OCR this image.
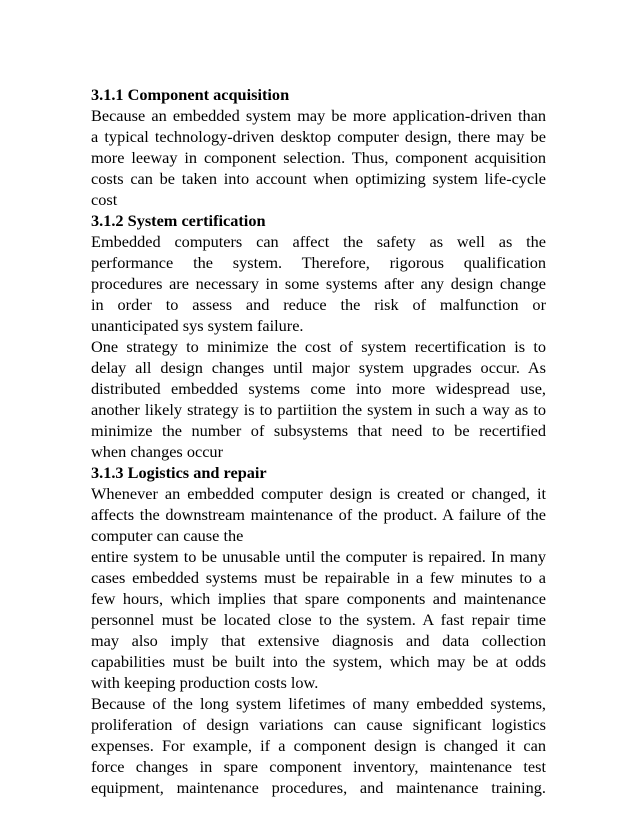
3.1.1 Component acquisition
Because an embedded system may be more application-driven than
a typical technology-driven desktop computer design, there may be
more leeway in component selection. Thus, component acquisition
costs can be taken into account when optimizing system life-cycle
cost
3.1.2 System certification
Embedded computers can affect the safety as well as the
performance the system. Therefore, rigorous qualification
procedures are necessary in some systems after any design change
in order to assess and reduce the risk of malfunction or
unanticipated sys system failure.
One strategy to minimize the cost of system recertification is to
delay all design changes until major system upgrades occur. As
distributed embedded systems come into more widespread use,
another likely strategy is to partiition the system in such a way as to
minimize the number of subsystems that need to be recertified
when changes occur
3.1.3 Logistics and repair
Whenever an embedded computer design is created or changed, it
affects the downstream maintenance of the product. A failure of the
computer can cause the
entire system to be unusable until the computer is repaired. In many
cases embedded systems must be repairable in a few minutes to a
few hours, which implies that spare components and maintenance
personnel must be located close to the system. A fast repair time
may also imply that extensive diagnosis and data collection
capabilities must be built into the system, which may be at odds
with keeping production costs low.
Because of the long system lifetimes of many embedded systems,
proliferation of design variations can cause significant logistics
expenses. For example, if a component design is changed it can
force changes in spare component inventory, maintenance test
equipment, maintenance procedures, and maintenance training.
